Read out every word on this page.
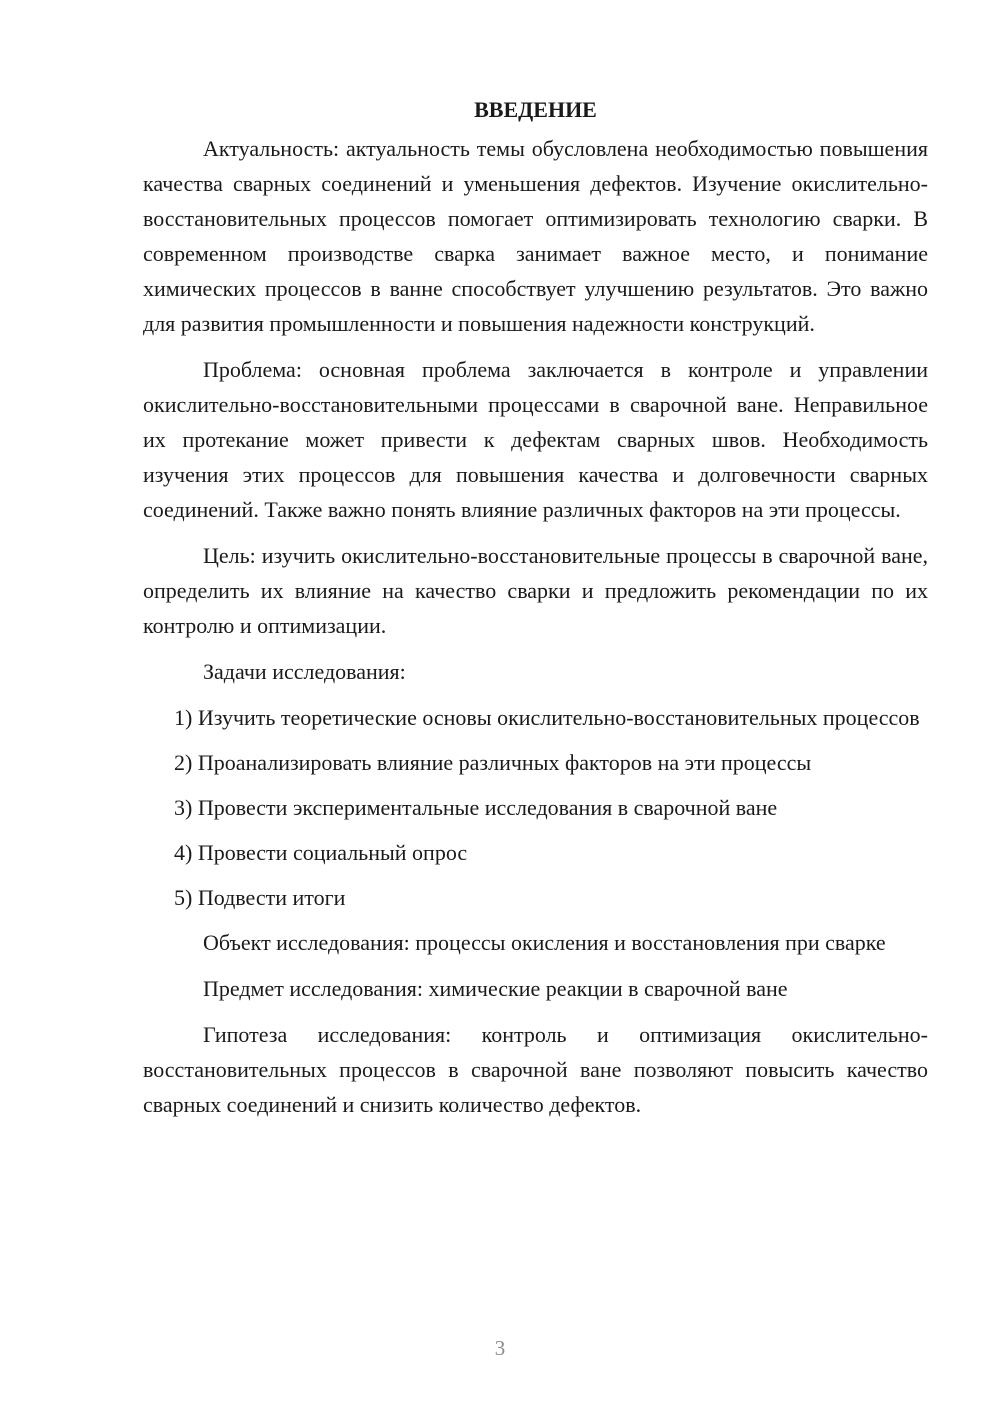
ВВЕДЕНИЕ

Актуальность: актуальность темы обусловлена необходимостью повышения качества сварных соединений и уменьшения дефектов. Изучение окислительно-восстановительных процессов помогает оптимизировать технологию сварки. В современном производстве сварка занимает важное место, и понимание химических процессов в ванне способствует улучшению результатов. Это важно для развития промышленности и повышения надежности конструкций.

Проблема: основная проблема заключается в контроле и управлении окислительно-восстановительными процессами в сварочной ване. Неправильное их протекание может привести к дефектам сварных швов. Необходимость изучения этих процессов для повышения качества и долговечности сварных соединений. Также важно понять влияние различных факторов на эти процессы.

Цель: изучить окислительно-восстановительные процессы в сварочной ване, определить их влияние на качество сварки и предложить рекомендации по их контролю и оптимизации.

Задачи исследования:

1) Изучить теоретические основы окислительно-восстановительных процессов

2) Проанализировать влияние различных факторов на эти процессы

3) Провести экспериментальные исследования в сварочной ване

4) Провести социальный опрос

5) Подвести итоги

Объект исследования: процессы окисления и восстановления при сварке

Предмет исследования: химические реакции в сварочной ване

Гипотеза исследования: контроль и оптимизация окислительно-восстановительных процессов в сварочной ване позволяют повысить качество сварных соединений и снизить количество дефектов.

3
